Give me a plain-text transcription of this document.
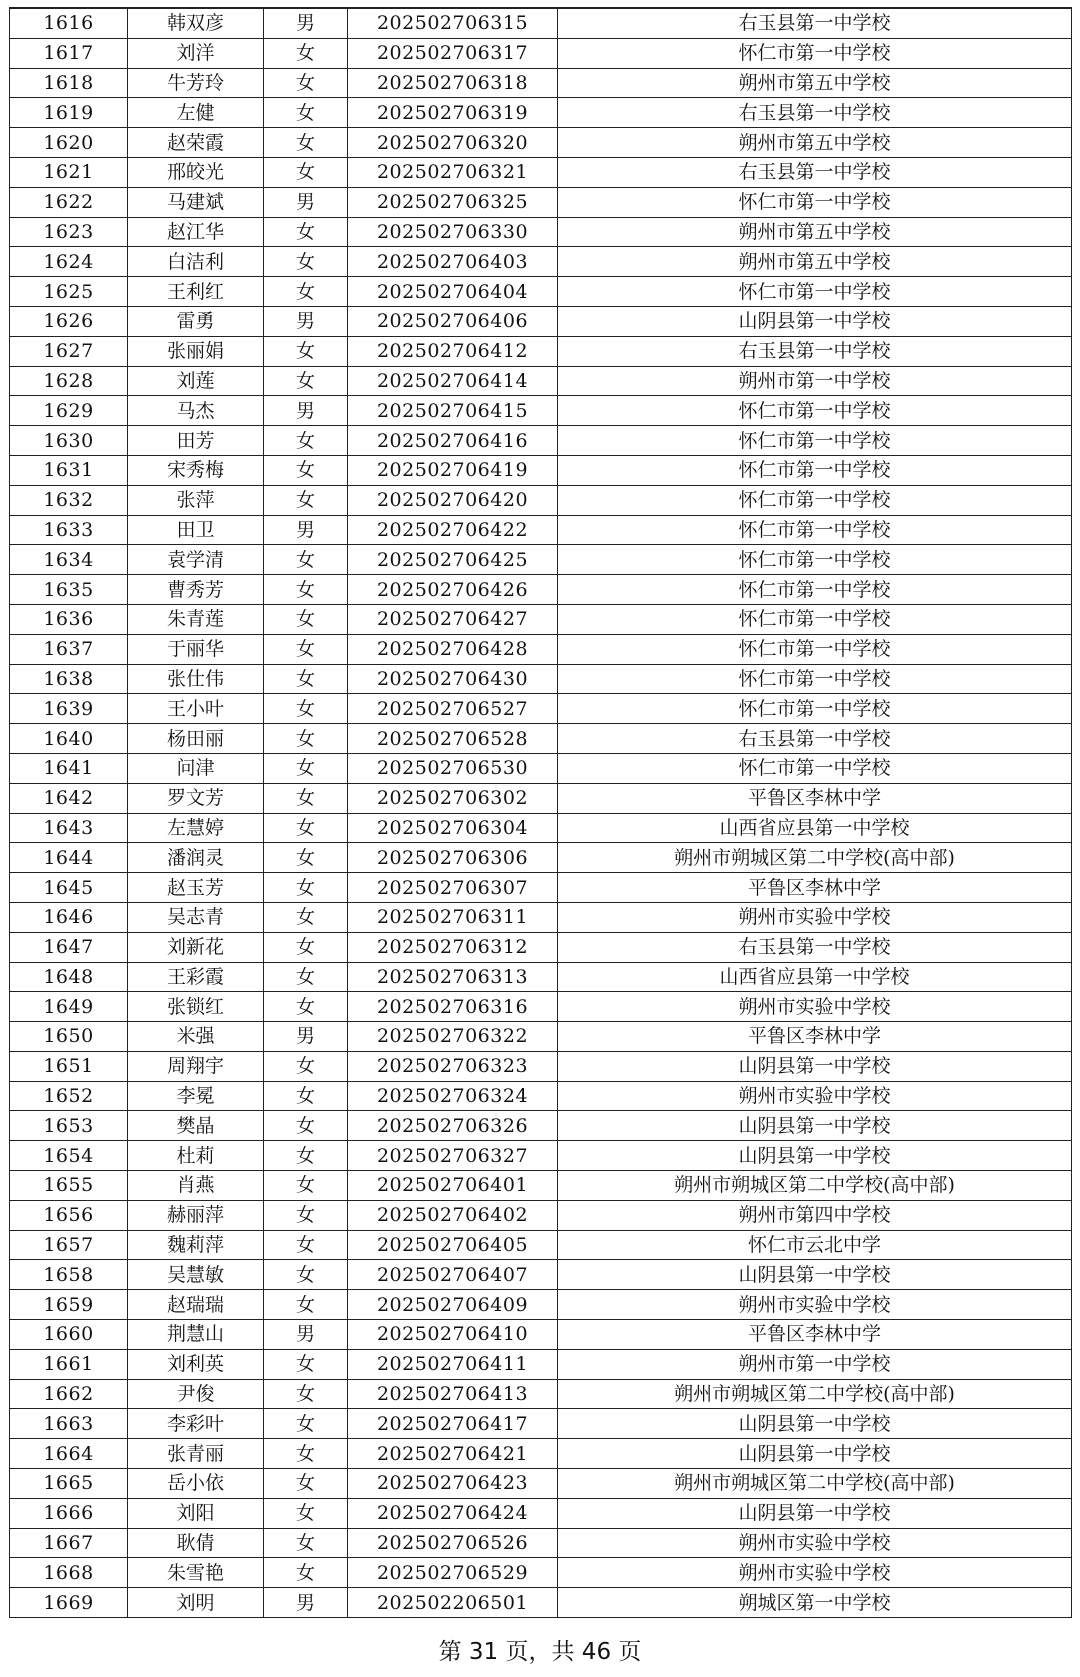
1616	韩双彦	男	202502706315	右玉县第一中学校
1617	刘洋	女	202502706317	怀仁市第一中学校
1618	牛芳玲	女	202502706318	朔州市第五中学校
1619	左健	女	202502706319	右玉县第一中学校
1620	赵荣霞	女	202502706320	朔州市第五中学校
1621	邢皎光	女	202502706321	右玉县第一中学校
1622	马建斌	男	202502706325	怀仁市第一中学校
1623	赵江华	女	202502706330	朔州市第五中学校
1624	白洁利	女	202502706403	朔州市第五中学校
1625	王利红	女	202502706404	怀仁市第一中学校
1626	雷勇	男	202502706406	山阴县第一中学校
1627	张丽娟	女	202502706412	右玉县第一中学校
1628	刘莲	女	202502706414	朔州市第一中学校
1629	马杰	男	202502706415	怀仁市第一中学校
1630	田芳	女	202502706416	怀仁市第一中学校
1631	宋秀梅	女	202502706419	怀仁市第一中学校
1632	张萍	女	202502706420	怀仁市第一中学校
1633	田卫	男	202502706422	怀仁市第一中学校
1634	袁学清	女	202502706425	怀仁市第一中学校
1635	曹秀芳	女	202502706426	怀仁市第一中学校
1636	朱青莲	女	202502706427	怀仁市第一中学校
1637	于丽华	女	202502706428	怀仁市第一中学校
1638	张仕伟	女	202502706430	怀仁市第一中学校
1639	王小叶	女	202502706527	怀仁市第一中学校
1640	杨田丽	女	202502706528	右玉县第一中学校
1641	问津	女	202502706530	怀仁市第一中学校
1642	罗文芳	女	202502706302	平鲁区李林中学
1643	左慧婷	女	202502706304	山西省应县第一中学校
1644	潘润灵	女	202502706306	朔州市朔城区第二中学校(高中部)
1645	赵玉芳	女	202502706307	平鲁区李林中学
1646	吴志青	女	202502706311	朔州市实验中学校
1647	刘新花	女	202502706312	右玉县第一中学校
1648	王彩霞	女	202502706313	山西省应县第一中学校
1649	张锁红	女	202502706316	朔州市实验中学校
1650	米强	男	202502706322	平鲁区李林中学
1651	周翔宇	女	202502706323	山阴县第一中学校
1652	李冕	女	202502706324	朔州市实验中学校
1653	樊晶	女	202502706326	山阴县第一中学校
1654	杜莉	女	202502706327	山阴县第一中学校
1655	肖燕	女	202502706401	朔州市朔城区第二中学校(高中部)
1656	赫丽萍	女	202502706402	朔州市第四中学校
1657	魏莉萍	女	202502706405	怀仁市云北中学
1658	吴慧敏	女	202502706407	山阴县第一中学校
1659	赵瑞瑞	女	202502706409	朔州市实验中学校
1660	荆慧山	男	202502706410	平鲁区李林中学
1661	刘利英	女	202502706411	朔州市第一中学校
1662	尹俊	女	202502706413	朔州市朔城区第二中学校(高中部)
1663	李彩叶	女	202502706417	山阴县第一中学校
1664	张青丽	女	202502706421	山阴县第一中学校
1665	岳小依	女	202502706423	朔州市朔城区第二中学校(高中部)
1666	刘阳	女	202502706424	山阴县第一中学校
1667	耿倩	女	202502706526	朔州市实验中学校
1668	朱雪艳	女	202502706529	朔州市实验中学校
1669	刘明	男	202502206501	朔城区第一中学校
第 31 页，共 46 页
